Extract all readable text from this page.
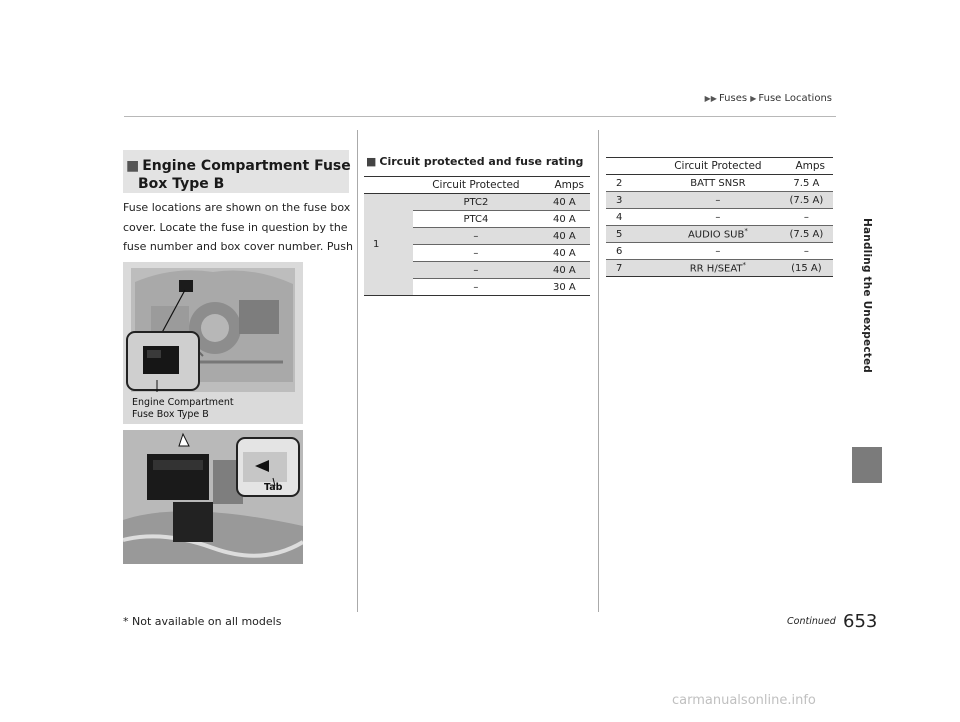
▶▶ Fuses ▶ Fuse Locations
Handling the Unexpected
■ Engine Compartment Fuse
Box Type B
Fuse locations are shown on the fuse box cover. Locate the fuse in question by the fuse number and box cover number. Push
Engine Compartment
Fuse Box Type B
Tab
■ Circuit protected and fuse rating
	Circuit Protected	Amps
1	PTC2	40 A
	PTC4	40 A
	–	40 A
	–	40 A
	–	40 A
	–	30 A
	Circuit Protected	Amps
2	BATT SNSR	7.5 A
3	–	(7.5 A)
4	–	–
5	AUDIO SUB*	(7.5 A)
6	–	–
7	RR H/SEAT*	(15 A)
* Not available on all models	Continued 653
carmanualsonline.info
